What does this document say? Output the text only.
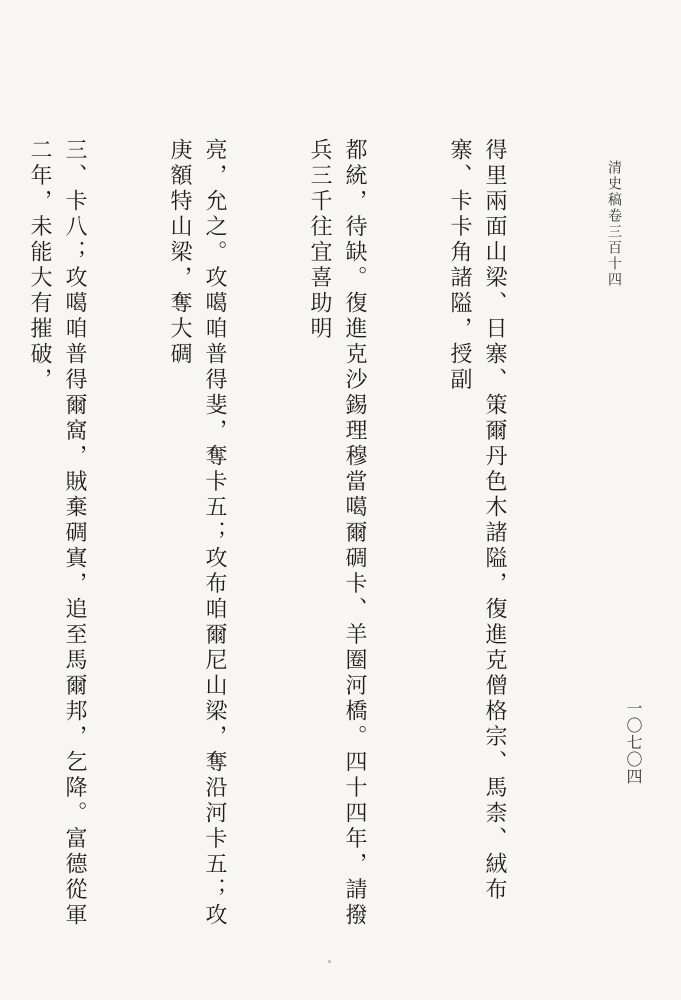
清史稿卷三百十四
一〇七〇四

得里兩面山梁、日寨、策爾丹色木諸隘，復進克僧格宗、馬柰、絨布寨、卡卡角諸隘，授副

都統，待缺。復進克沙錫理穆當噶爾碉卡、羊圈河橋。四十四年，請撥兵三千往宜喜助明

亮，允之。攻噶咱普得斐，奪卡五；攻布咱爾尼山梁，奪沿河卡五；攻庚額特山梁，奪大碉

三、卡八；攻噶咱普得爾窩，賊棄碉寘，追至馬爾邦，乞降。富德從軍二年，未能大有摧破，
